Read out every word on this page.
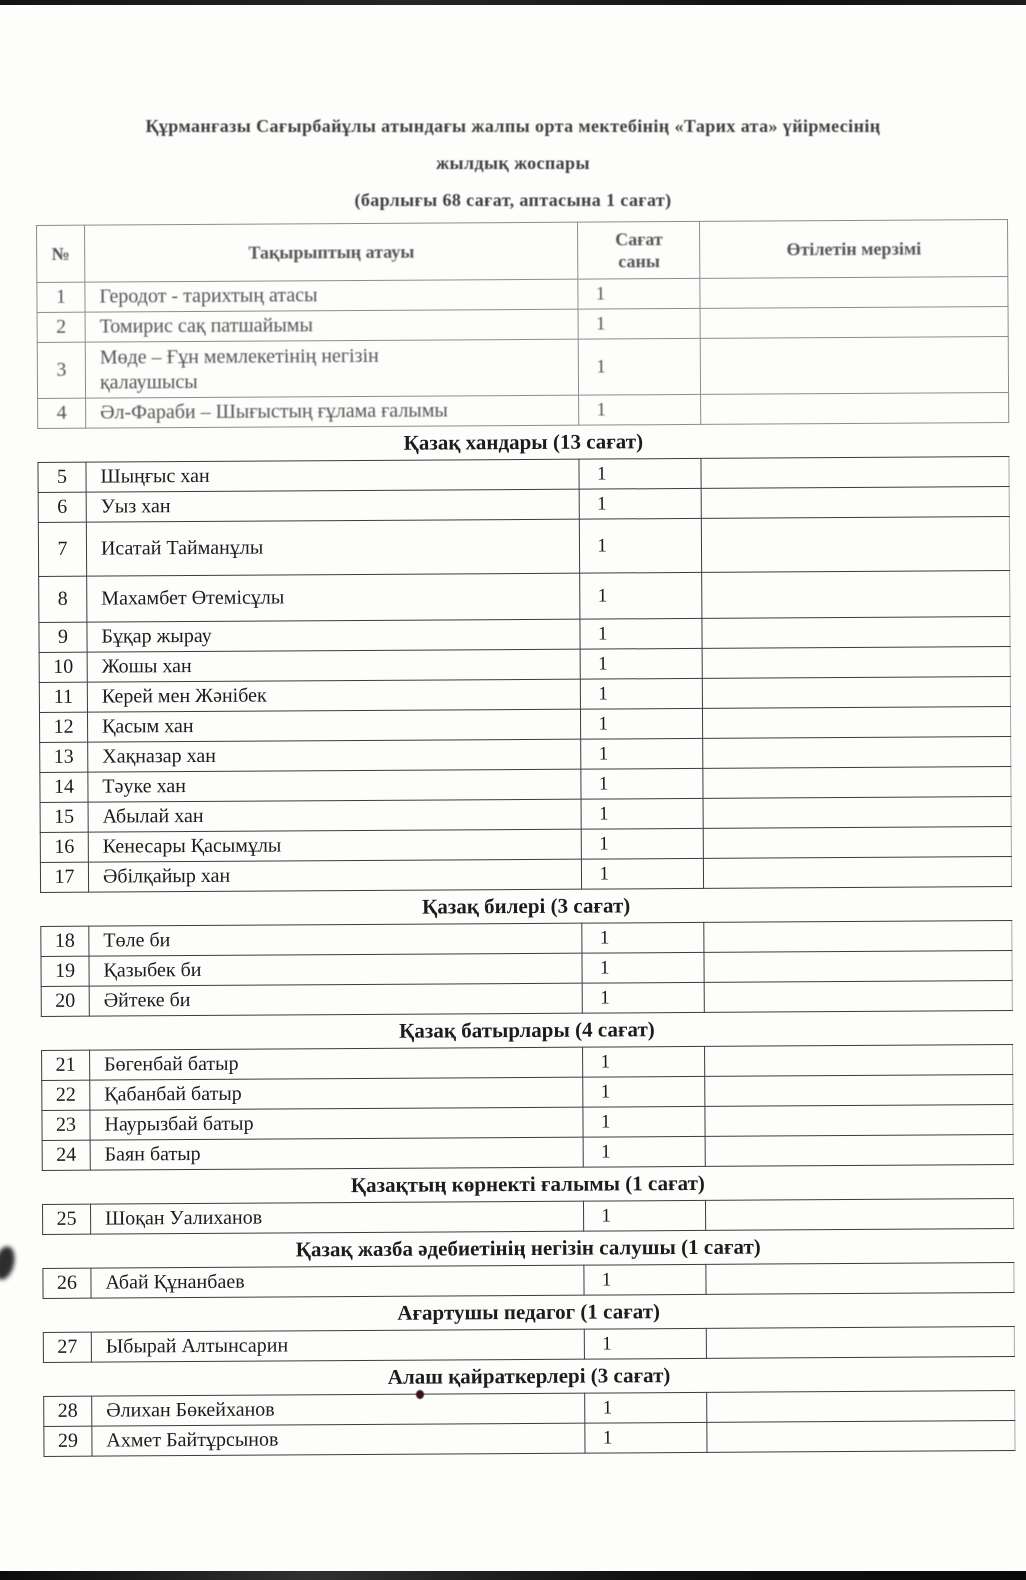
Құрманғазы Сағырбайұлы атындағы жалпы орта мектебінің «Тарих ата» үйірмесінің
жылдық жоспары
(барлығы 68 сағат, аптасына 1 сағат)
№	Тақырыптың атауы	Сағат саны	Өтілетін мерзімі
1	Геродот - тарихтың атасы	1	
2	Томирис сақ патшайымы	1	
3	Мөде – Ғұн мемлекетінің негізін
қалаушысы	1	
4	Әл-Фараби – Шығыстың ғұлама ғалымы	1	
Қазақ хандары (13 сағат)			
5	Шыңғыс хан	1	
6	Уыз хан	1	
7	Исатай Тайманұлы	1	
8	Махамбет Өтемісұлы	1	
9	Бұқар жырау	1	
10	Жошы хан	1	
11	Керей мен Жәнібек	1	
12	Қасым хан	1	
13	Хақназар хан	1	
14	Тәуке хан	1	
15	Абылай хан	1	
16	Кенесары Қасымұлы	1	
17	Әбілқайыр хан	1	
Қазақ билері (3 сағат)			
18	Төле би	1	
19	Қазыбек би	1	
20	Әйтеке би	1	
Қазақ батырлары (4 сағат)			
21	Бөгенбай батыр	1	
22	Қабанбай батыр	1	
23	Наурызбай батыр	1	
24	Баян батыр	1	
Қазақтың көрнекті ғалымы (1 сағат)			
25	Шоқан Уалиханов	1	
Қазақ жазба әдебиетінің негізін салушы (1 сағат)			
26	Абай Құнанбаев	1	
Ағартушы педагог (1 сағат)			
27	Ыбырай Алтынсарин	1	
Алаш қайраткерлері (3 сағат)			
28	Әлихан Бөкейханов	1	
29	Ахмет Байтұрсынов	1	
